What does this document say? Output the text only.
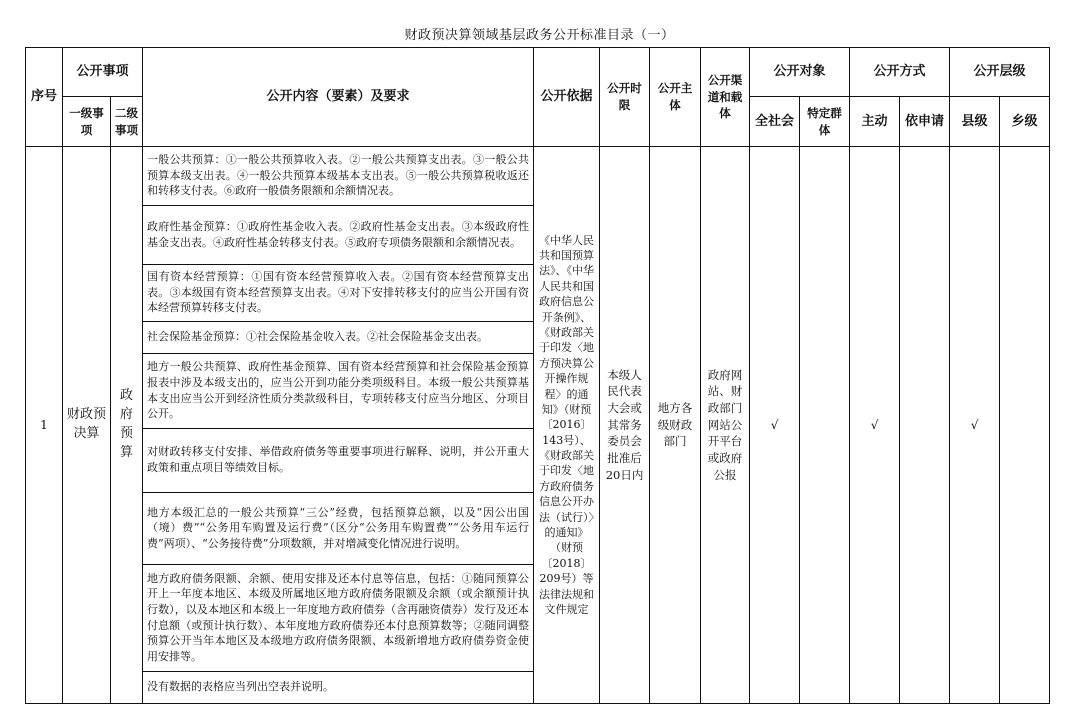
财政预决算领域基层政务公开标准目录（一）
序号	公开事项		公开内容（要素）及要求	公开依据	公开时限	公开主体	公开渠道和载体	公开对象		公开方式		公开层级	
	一级事项	二级事项						全社会	特定群体	主动	依申请	县级	乡级
1	财政预决算	政府预算	一般公共预算：①一般公共预算收入表。②一般公共预算支出表。③一般公共预算本级支出表。④一般公共预算本级基本支出表。⑤一般公共预算税收返还和转移支付表。⑥政府一般债务限额和余额情况表。	《中华人民共和国预算法》、《中华人民共和国政府信息公开条例》、《财政部关于印发〈地方预决算公开操作规程〉的通知》（财预〔2016〕143号）、《财政部关于印发〈地方政府债务信息公开办法（试行）〉的通知》（财预〔2018〕209号）等法律法规和文件规定	本级人民代表大会或其常务委员会批准后20日内	地方各级财政部门	政府网站、财政部门网站公开平台或政府公报	√		√		√	
			政府性基金预算：①政府性基金收入表。②政府性基金支出表。③本级政府性基金支出表。④政府性基金转移支付表。⑤政府专项债务限额和余额情况表。										
			国有资本经营预算：①国有资本经营预算收入表。②国有资本经营预算支出表。③本级国有资本经营预算支出表。④对下安排转移支付的应当公开国有资本经营预算转移支付表。										
			社会保险基金预算：①社会保险基金收入表。②社会保险基金支出表。										
			地方一般公共预算、政府性基金预算、国有资本经营预算和社会保险基金预算报表中涉及本级支出的，应当公开到功能分类项级科目。本级一般公共预算基本支出应当公开到经济性质分类款级科目，专项转移支付应当分地区、分项目公开。										
			对财政转移支付安排、举借政府债务等重要事项进行解释、说明，并公开重大政策和重点项目等绩效目标。										
			地方本级汇总的一般公共预算“三公”经费，包括预算总额，以及“因公出国（境）费”“公务用车购置及运行费”（区分“公务用车购置费”“公务用车运行费”两项）、“公务接待费”分项数额，并对增减变化情况进行说明。										
			地方政府债务限额、余额、使用安排及还本付息等信息，包括：①随同预算公开上一年度本地区、本级及所属地区地方政府债务限额及余额（或余额预计执行数），以及本地区和本级上一年度地方政府债券（含再融资债券）发行及还本付息额（或预计执行数）、本年度地方政府债券还本付息预算数等；②随同调整预算公开当年本地区及本级地方政府债务限额、本级新增地方政府债券资金使用安排等。										
			没有数据的表格应当列出空表并说明。										
